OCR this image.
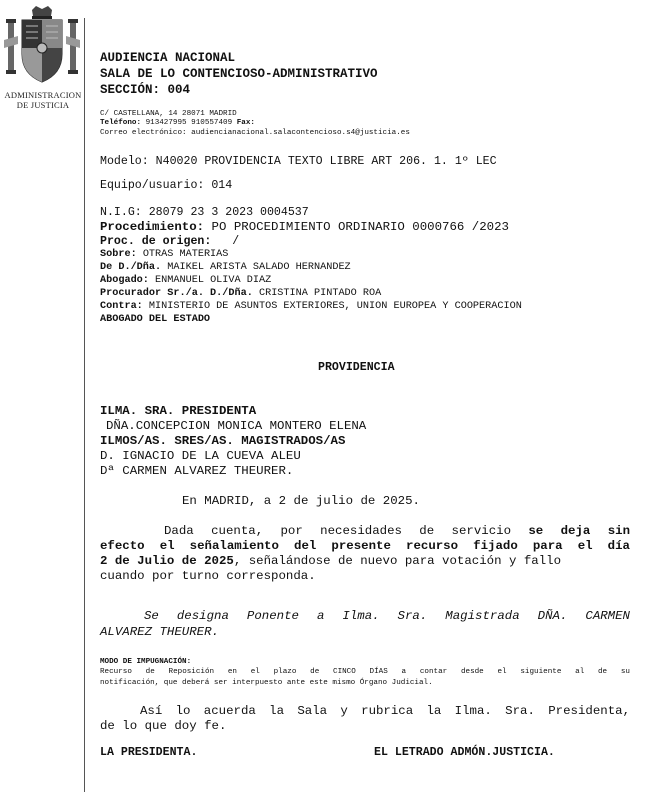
ADMINISTRACION
DE JUSTICIA
AUDIENCIA NACIONAL
SALA DE LO CONTENCIOSO-ADMINISTRATIVO
SECCIÓN: 004
C/ CASTELLANA, 14 28071 MADRID
Teléfono: 913427995 910557409 Fax:
Correo electrónico: audiencianacional.salacontencioso.s4@justicia.es
Modelo: N40020 PROVIDENCIA TEXTO LIBRE ART 206. 1. 1º LEC
Equipo/usuario: 014
N.I.G: 28079 23 3 2023 0004537
Procedimiento: PO PROCEDIMIENTO ORDINARIO 0000766 /2023
Proc. de origen: /
Sobre: OTRAS MATERIAS
De D./Dña. MAIKEL ARISTA SALADO HERNANDEZ
Abogado: ENMANUEL OLIVA DIAZ
Procurador Sr./a. D./Dña. CRISTINA PINTADO ROA
Contra: MINISTERIO DE ASUNTOS EXTERIORES, UNION EUROPEA Y COOPERACION
ABOGADO DEL ESTADO
PROVIDENCIA
ILMA. SRA. PRESIDENTA
DÑA.CONCEPCION MONICA MONTERO ELENA
ILMOS/AS. SRES/AS. MAGISTRADOS/AS
D. IGNACIO DE LA CUEVA ALEU
Dª CARMEN ALVAREZ THEURER.
En MADRID, a 2 de julio de 2025.
Dada cuenta, por necesidades de servicio se deja sin
efecto el señalamiento del presente recurso fijado para el día
2 de Julio de 2025, señalándose de nuevo para votación y fallo
cuando por turno corresponda.
Se designa Ponente a Ilma. Sra. Magistrada DÑA. CARMEN
ALVAREZ THEURER.
MODO DE IMPUGNACIÓN:
Recurso de Reposición en el plazo de CINCO DÍAS a contar desde el siguiente al de su
notificación, que deberá ser interpuesto ante este mismo Órgano Judicial.
Así lo acuerda la Sala y rubrica la Ilma. Sra. Presidenta,
de lo que doy fe.
LA PRESIDENTA.	EL LETRADO ADMÓN.JUSTICIA.
